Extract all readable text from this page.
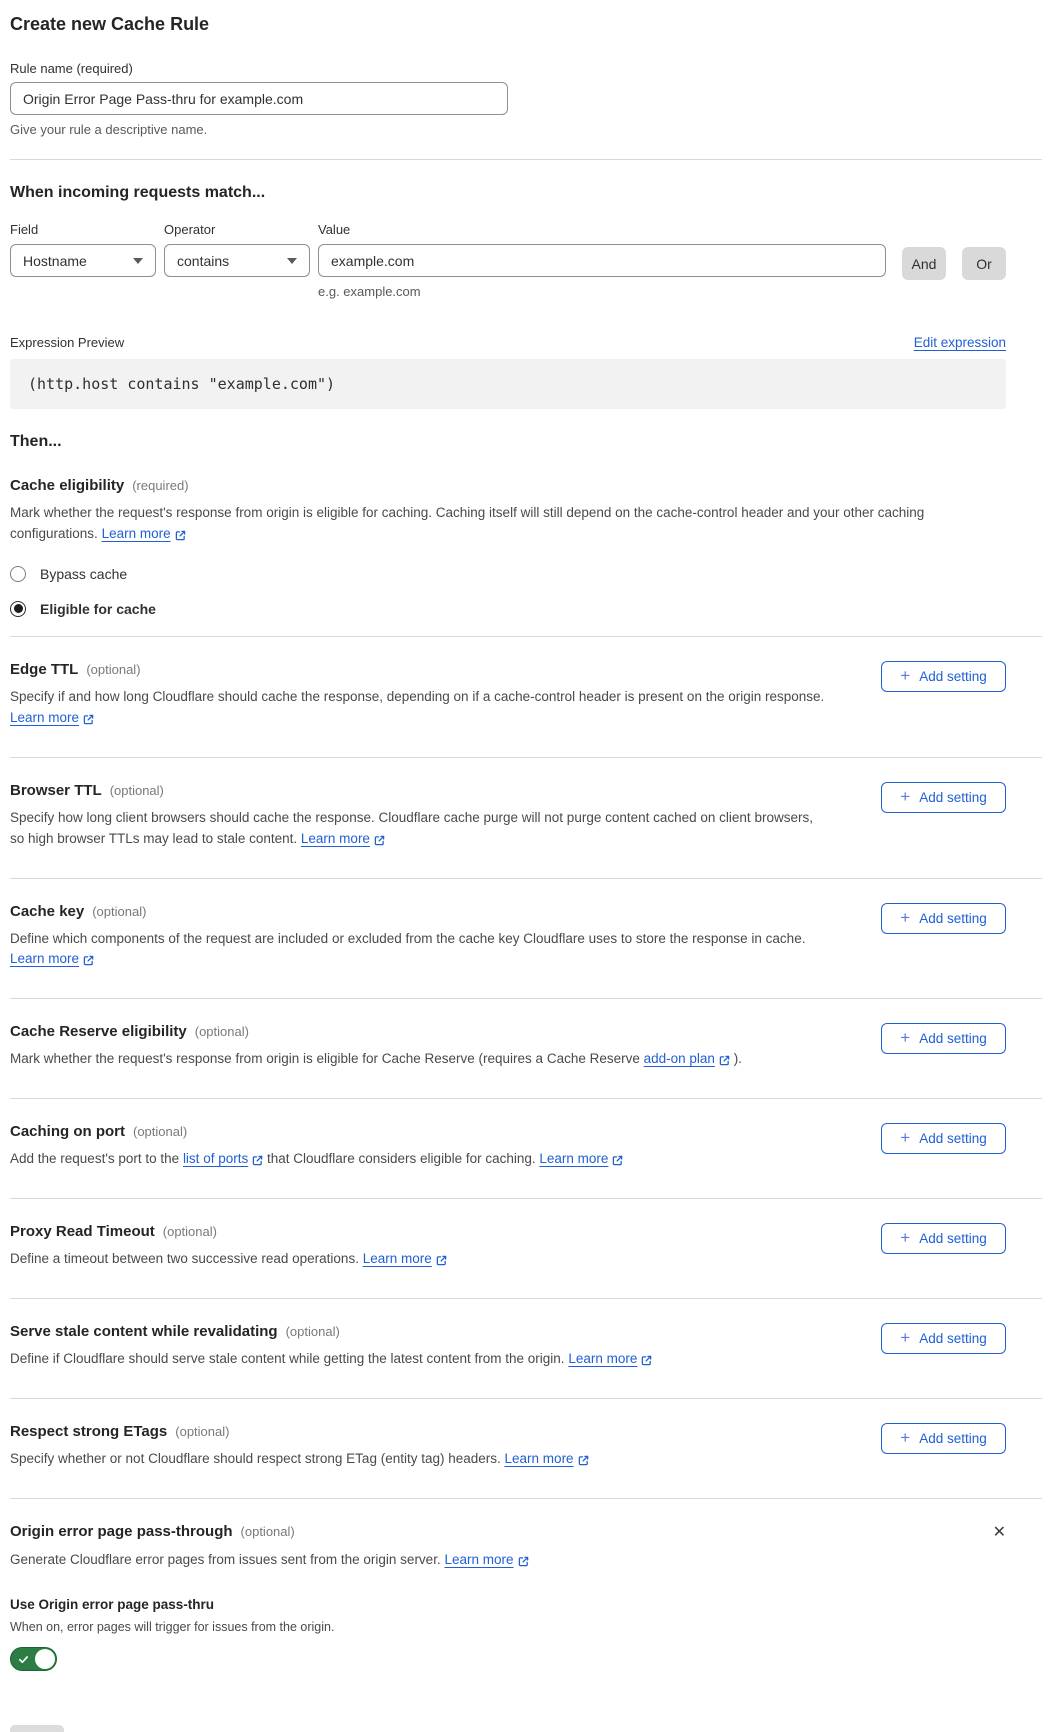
Create new Cache Rule
Rule name (required)
Origin Error Page Pass-thru for example.com
Give your rule a descriptive name.
When incoming requests match...
Field
Hostname
Operator
contains
Value
example.com
e.g. example.com
And	Or
Expression Preview	Edit expression
(http.host contains "example.com")
Then...
Cache eligibility (required)

Mark whether the request's response from origin is eligible for caching. Caching itself will still depend on the cache-control header and your other caching configurations. Learn more

Bypass cache
Eligible for cache
Edge TTL (optional)

Specify if and how long Cloudflare should cache the response, depending on if a cache-control header is present on the origin response. Learn more

+ Add setting
Browser TTL (optional)

Specify how long client browsers should cache the response. Cloudflare cache purge will not purge content cached on client browsers, so high browser TTLs may lead to stale content. Learn more

+ Add setting
Cache key (optional)

Define which components of the request are included or excluded from the cache key Cloudflare uses to store the response in cache. Learn more

+ Add setting
Cache Reserve eligibility (optional)

Mark whether the request's response from origin is eligible for Cache Reserve (requires a Cache Reserve add-on plan ).

+ Add setting
Caching on port (optional)

Add the request's port to the list of ports that Cloudflare considers eligible for caching. Learn more

+ Add setting
Proxy Read Timeout (optional)

Define a timeout between two successive read operations. Learn more

+ Add setting
Serve stale content while revalidating (optional)

Define if Cloudflare should serve stale content while getting the latest content from the origin. Learn more

+ Add setting
Respect strong ETags (optional)

Specify whether or not Cloudflare should respect strong ETag (entity tag) headers. Learn more

+ Add setting
Origin error page pass-through (optional)	✕

Generate Cloudflare error pages from issues sent from the origin server. Learn more

Use Origin error page pass-thru
When on, error pages will trigger for issues from the origin.
